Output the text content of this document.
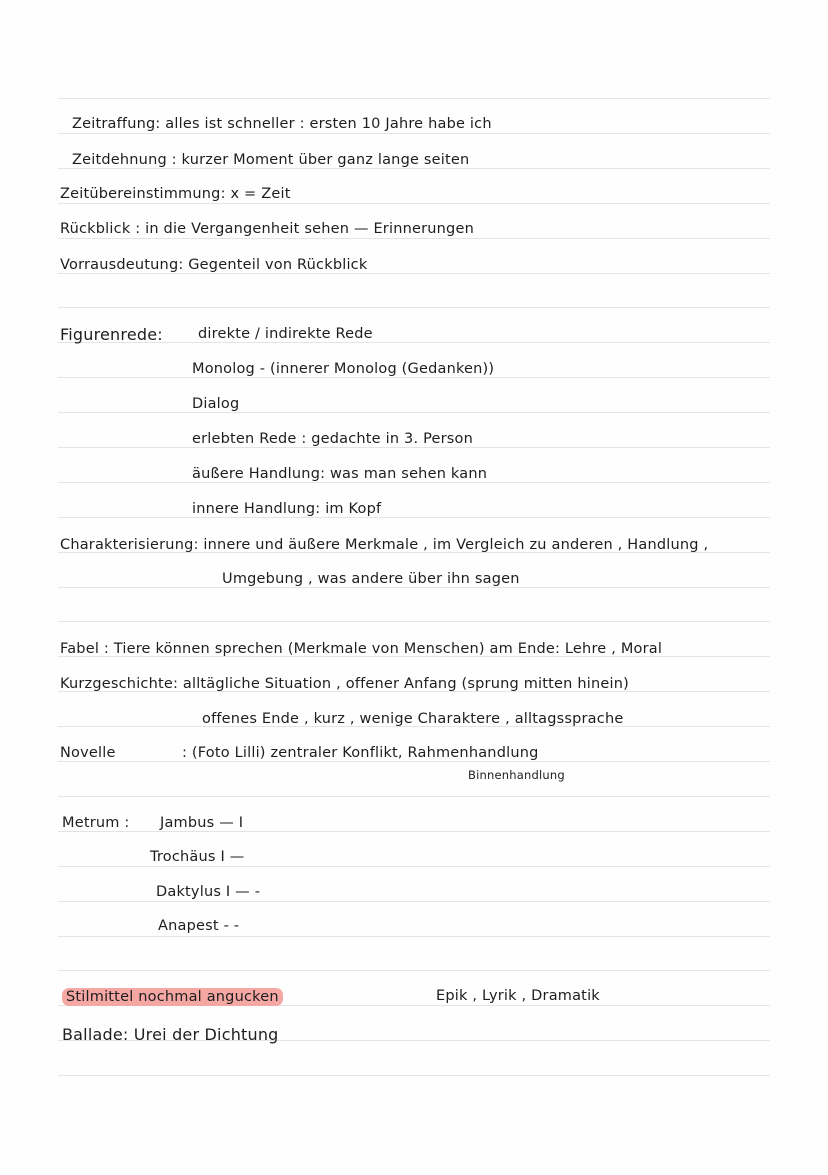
Zeitraffung: alles ist schneller : ersten 10 Jahre habe ich
Zeitdehnung : kurzer Moment über ganz lange seiten
Zeitübereinstimmung: x = Zeit
Rückblick : in die Vergangenheit sehen — Erinnerungen
Vorrausdeutung: Gegenteil von Rückblick
Figurenrede: direkte / indirekte Rede
Monolog - (innerer Monolog (Gedanken))
Dialog
erlebten Rede : gedachte in 3. Person
äußere Handlung: was man sehen kann
innere Handlung: im Kopf
Charakterisierung: innere und äußere Merkmale , im Vergleich zu anderen , Handlung ,
Umgebung , was andere über ihn sagen
Fabel : Tiere können sprechen (Merkmale von Menschen) am Ende: Lehre , Moral
Kurzgeschichte: alltägliche Situation , offener Anfang (sprung mitten hinein)
offenes Ende , kurz , wenige Charaktere , alltagssprache
Novelle	: (Foto Lilli) zentraler Konflikt, Rahmenhandlung
Binnenhandlung
Metrum : Jambus — I
Trochäus I —
Daktylus I — -
Anapest - -
Stilmittel nochmal angucken	Epik , Lyrik , Dramatik
Ballade: Urei der Dichtung
